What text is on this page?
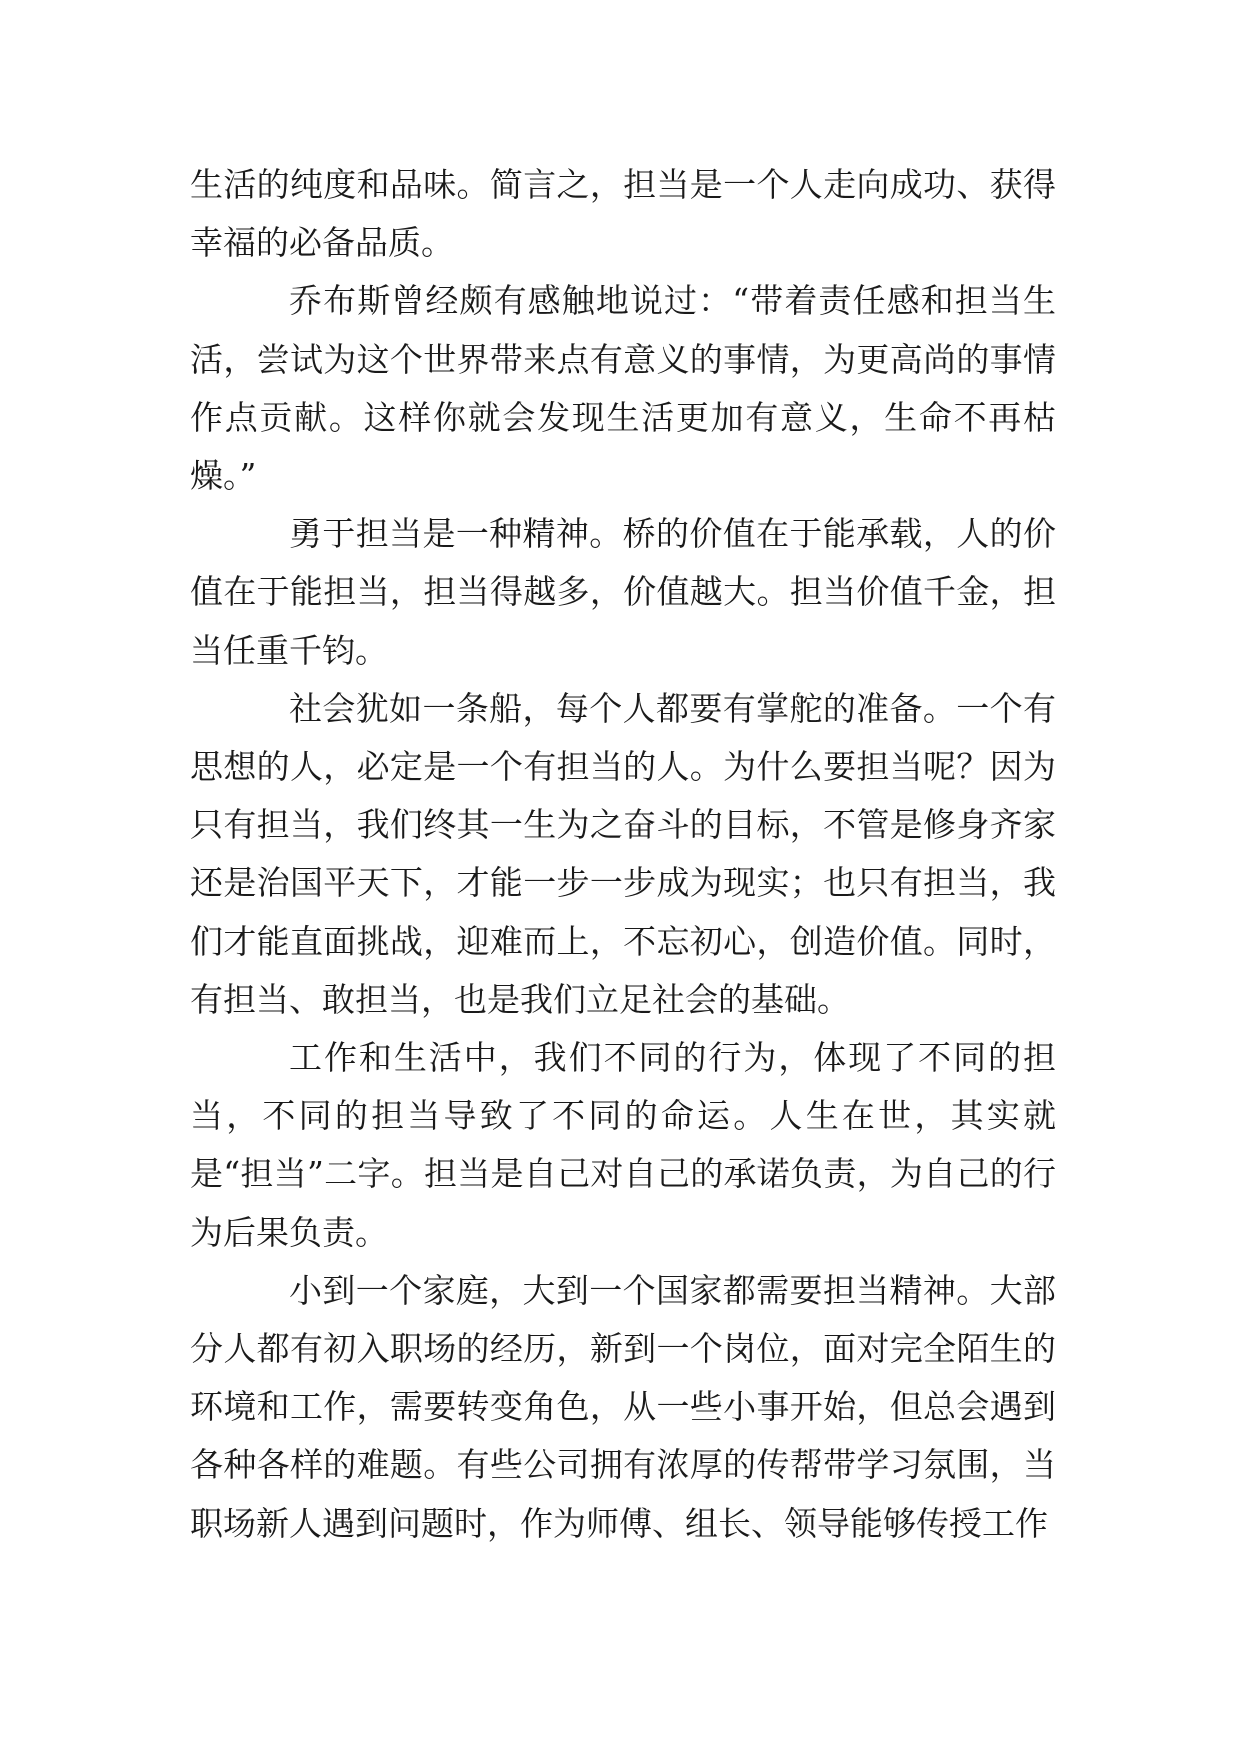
生活的纯度和品味。简言之，担当是一个人走向成功、获得幸福的必备品质。

乔布斯曾经颇有感触地说过：“带着责任感和担当生活，尝试为这个世界带来点有意义的事情，为更高尚的事情作点贡献。这样你就会发现生活更加有意义，生命不再枯燥。”

勇于担当是一种精神。桥的价值在于能承载，人的价值在于能担当，担当得越多，价值越大。担当价值千金，担当任重千钧。

社会犹如一条船，每个人都要有掌舵的准备。一个有思想的人，必定是一个有担当的人。为什么要担当呢？因为只有担当，我们终其一生为之奋斗的目标，不管是修身齐家还是治国平天下，才能一步一步成为现实；也只有担当，我们才能直面挑战，迎难而上，不忘初心，创造价值。同时，有担当、敢担当，也是我们立足社会的基础。

工作和生活中，我们不同的行为，体现了不同的担当，不同的担当导致了不同的命运。人生在世，其实就是“担当”二字。担当是自己对自己的承诺负责，为自己的行为后果负责。

小到一个家庭，大到一个国家都需要担当精神。大部分人都有初入职场的经历，新到一个岗位，面对完全陌生的环境和工作，需要转变角色，从一些小事开始，但总会遇到各种各样的难题。有些公司拥有浓厚的传帮带学习氛围，当职场新人遇到问题时，作为师傅、组长、领导能够传授工作
